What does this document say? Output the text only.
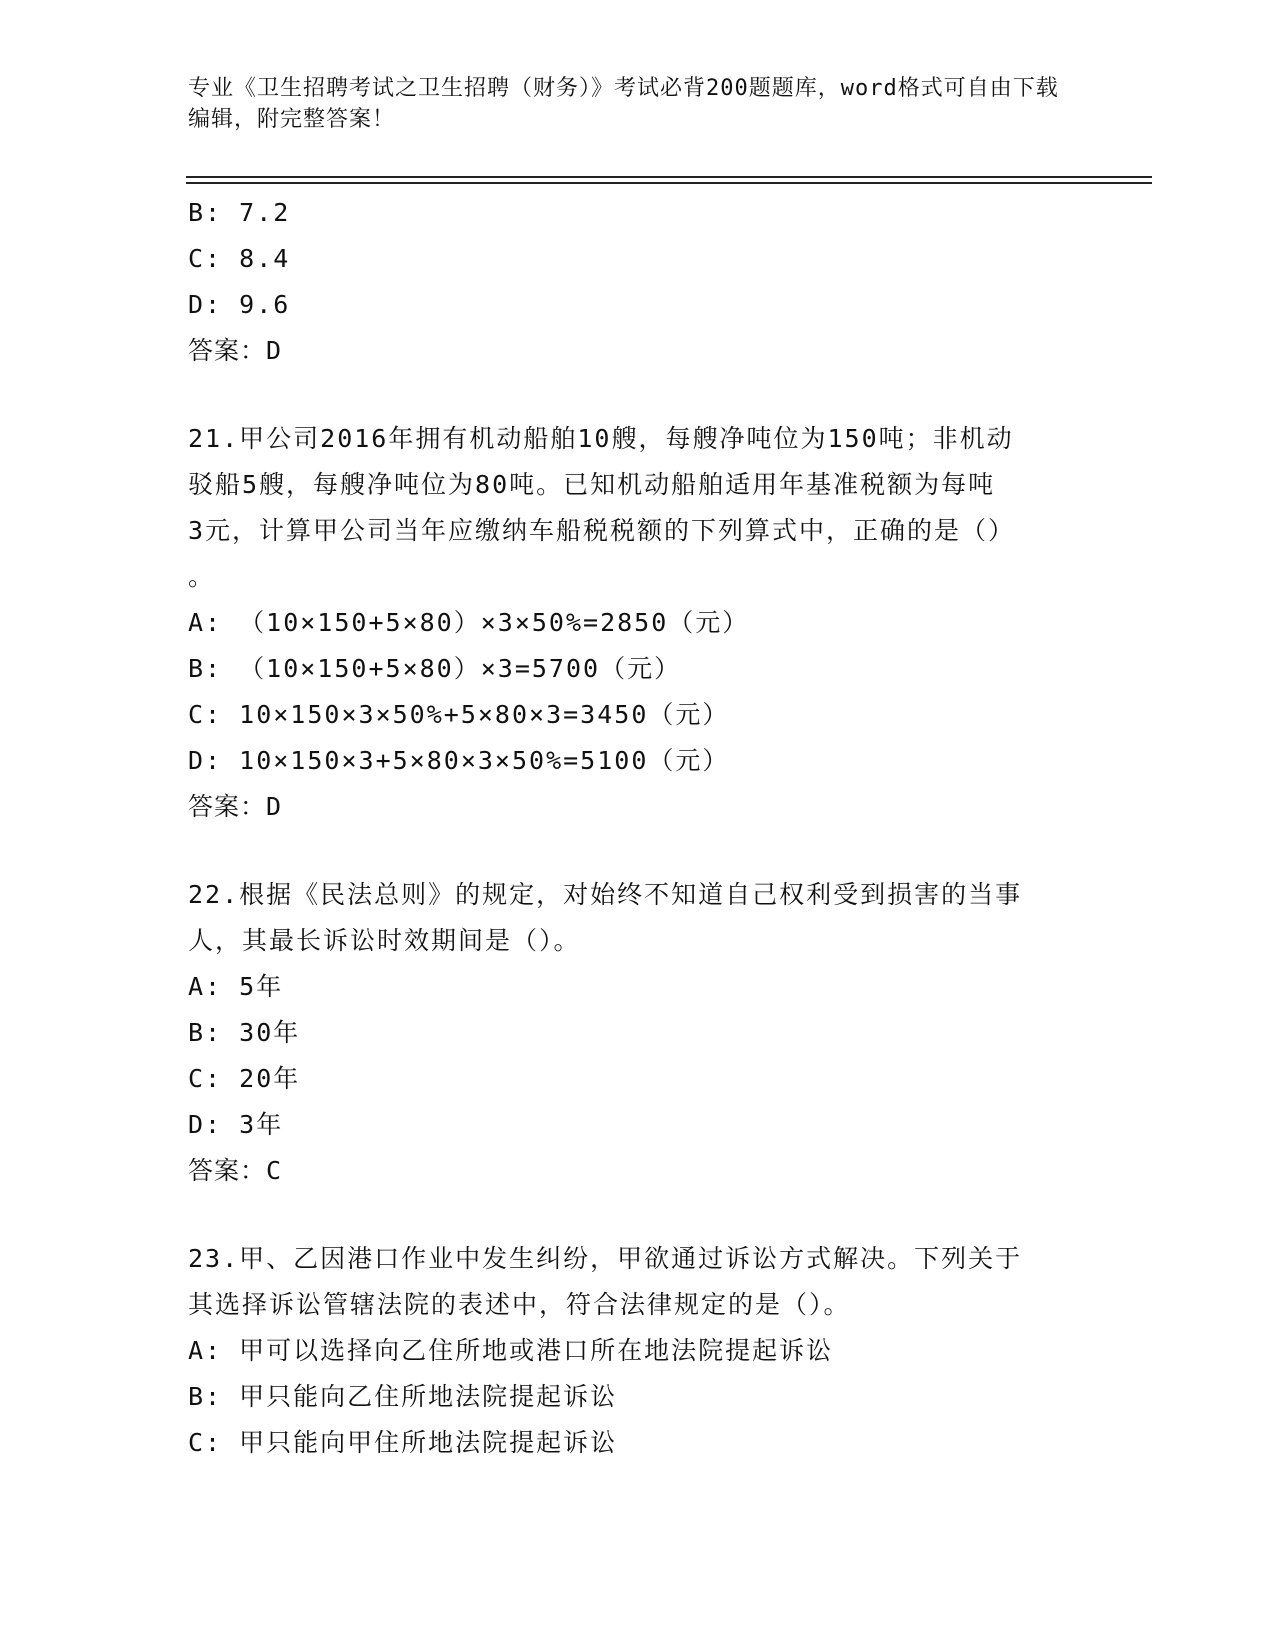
专业《卫生招聘考试之卫生招聘（财务）》考试必背200题题库，word格式可自由下载编辑，附完整答案！
B: 7.2
C: 8.4
D: 9.6
答案：D
21.甲公司2016年拥有机动船舶10艘，每艘净吨位为150吨；非机动
驳船5艘，每艘净吨位为80吨。已知机动船舶适用年基准税额为每吨
3元，计算甲公司当年应缴纳车船税税额的下列算式中，正确的是（）
。
A: （10×150+5×80）×3×50%=2850（元）
B: （10×150+5×80）×3=5700（元）
C: 10×150×3×50%+5×80×3=3450（元）
D: 10×150×3+5×80×3×50%=5100（元）
答案：D
22.根据《民法总则》的规定，对始终不知道自己权利受到损害的当事
人，其最长诉讼时效期间是（）。
A: 5年
B: 30年
C: 20年
D: 3年
答案：C
23.甲、乙因港口作业中发生纠纷，甲欲通过诉讼方式解决。下列关于
其选择诉讼管辖法院的表述中，符合法律规定的是（）。
A: 甲可以选择向乙住所地或港口所在地法院提起诉讼
B: 甲只能向乙住所地法院提起诉讼
C: 甲只能向甲住所地法院提起诉讼
